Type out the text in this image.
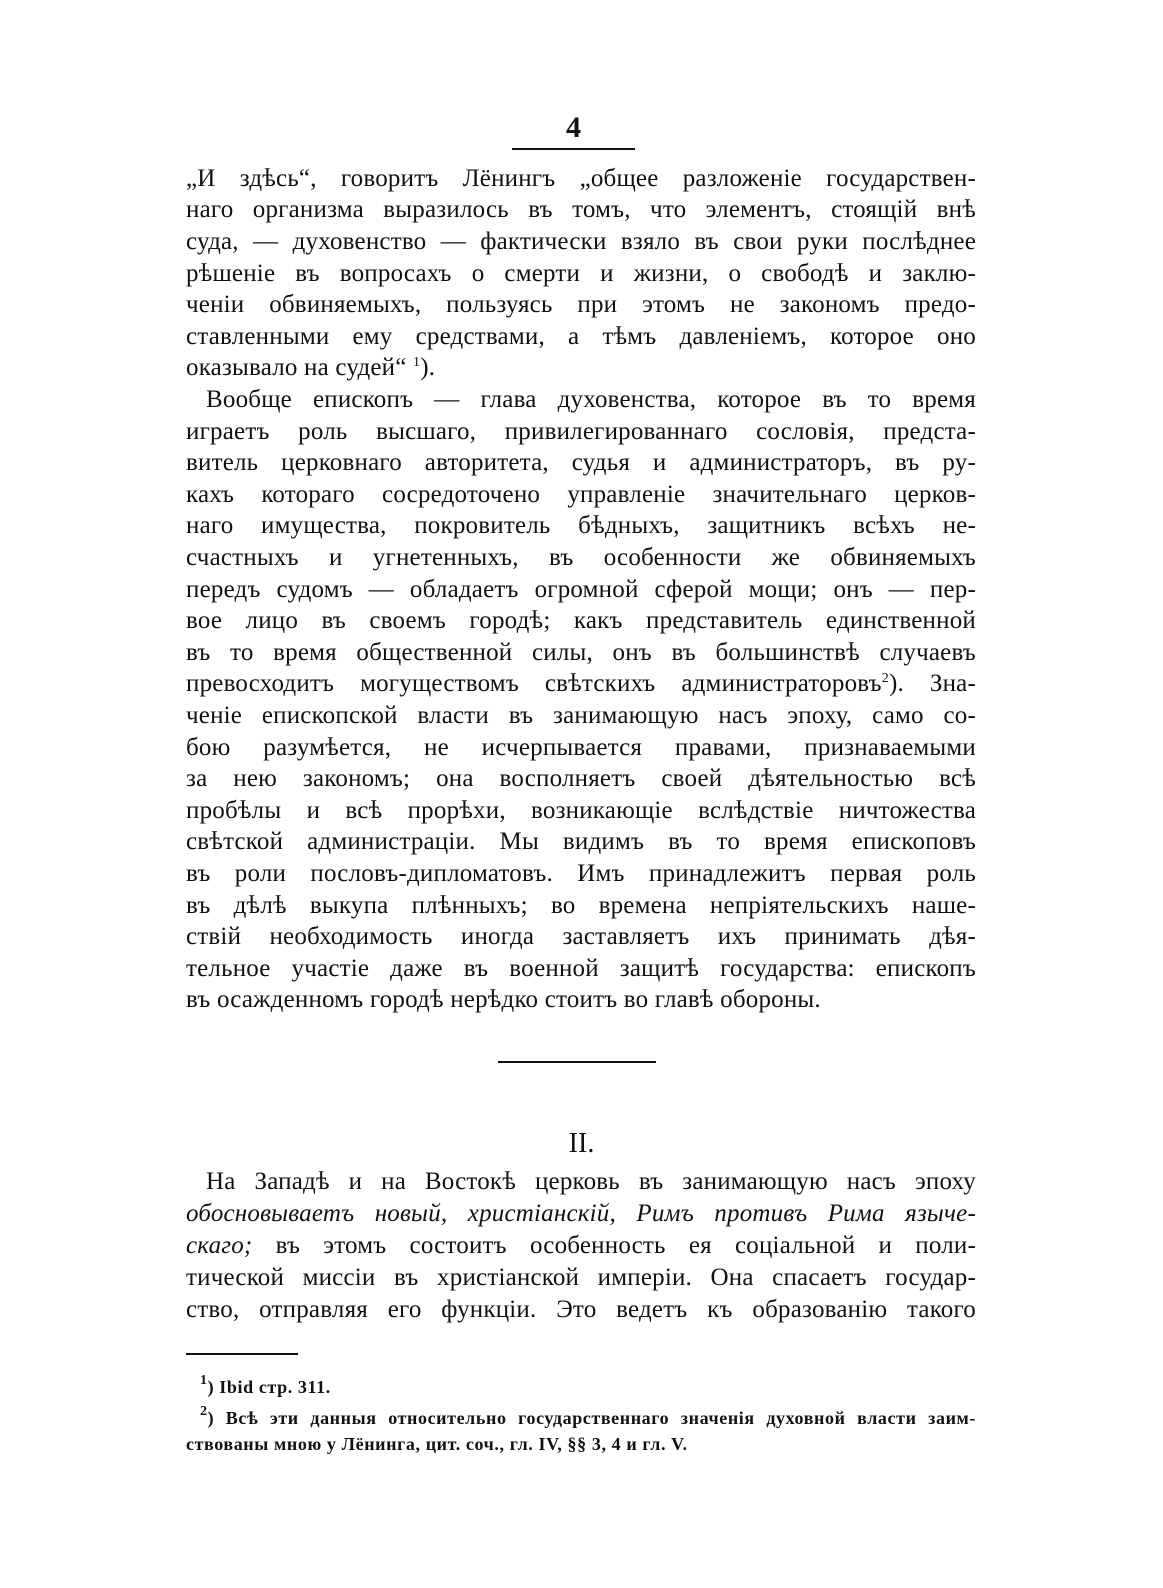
4
„И здѣсь“, говоритъ Лёнингъ „общее разложеніе государствен-
наго организма выразилось въ томъ, что элементъ, стоящій внѣ
суда, — духовенство — фактически взяло въ свои руки послѣднее
рѣшеніе въ вопросахъ о смерти и жизни, о свободѣ и заклю-
ченіи обвиняемыхъ, пользуясь при этомъ не закономъ предо-
ставленными ему средствами, а тѣмъ давленіемъ, которое оно
оказывало на судей“ $^1$).
Вообще епископъ — глава духовенства, которое въ то время
играетъ роль высшаго, привилегированнаго сословія, предста-
витель церковнаго авторитета, судья и администраторъ, въ ру-
кахъ котораго сосредоточено управленіе значительнаго церков-
наго имущества, покровитель бѣдныхъ, защитникъ всѣхъ не-
счастныхъ и угнетенныхъ, въ особенности же обвиняемыхъ
передъ судомъ — обладаетъ огромной сферой мощи; онъ — пер-
вое лицо въ своемъ городѣ; какъ представитель единственной
въ то время общественной силы, онъ въ большинствѣ случаевъ
превосходитъ могуществомъ свѣтскихъ администраторовъ$^2$). Зна-
ченіе епископской власти въ занимающую насъ эпоху, само со-
бою разумѣется, не исчерпывается правами, признаваемыми
за нею закономъ; она восполняетъ своей дѣятельностью всѣ
пробѣлы и всѣ прорѣхи, возникающіе вслѣдствіе ничтожества
свѣтской администраціи. Мы видимъ въ то время епископовъ
въ роли пословъ-дипломатовъ. Имъ принадлежитъ первая роль
въ дѣлѣ выкупа плѣнныхъ; во времена непріятельскихъ наше-
ствій необходимость иногда заставляетъ ихъ принимать дѣя-
тельное участіе даже въ военной защитѣ государства: епископъ
въ осажденномъ городѣ нерѣдко стоитъ во главѣ обороны.
II.
На Западѣ и на Востокѣ церковь въ занимающую насъ эпоху
обосновываетъ новый, христіанскій, Римъ противъ Рима языче-
скаго; въ этомъ состоитъ особенность ея соціальной и поли-
тической миссіи въ христіанской имперіи. Она спасаетъ государ-
ство, отправляя его функціи. Это ведетъ къ образованію такого
$^1$) Ibid стр. 311.
$^2$) Всѣ эти данныя относительно государственнаго значенія духовной власти заим-
ствованы мною у Лёнинга, цит. соч., гл. IV, §§ 3, 4 и гл. V.
